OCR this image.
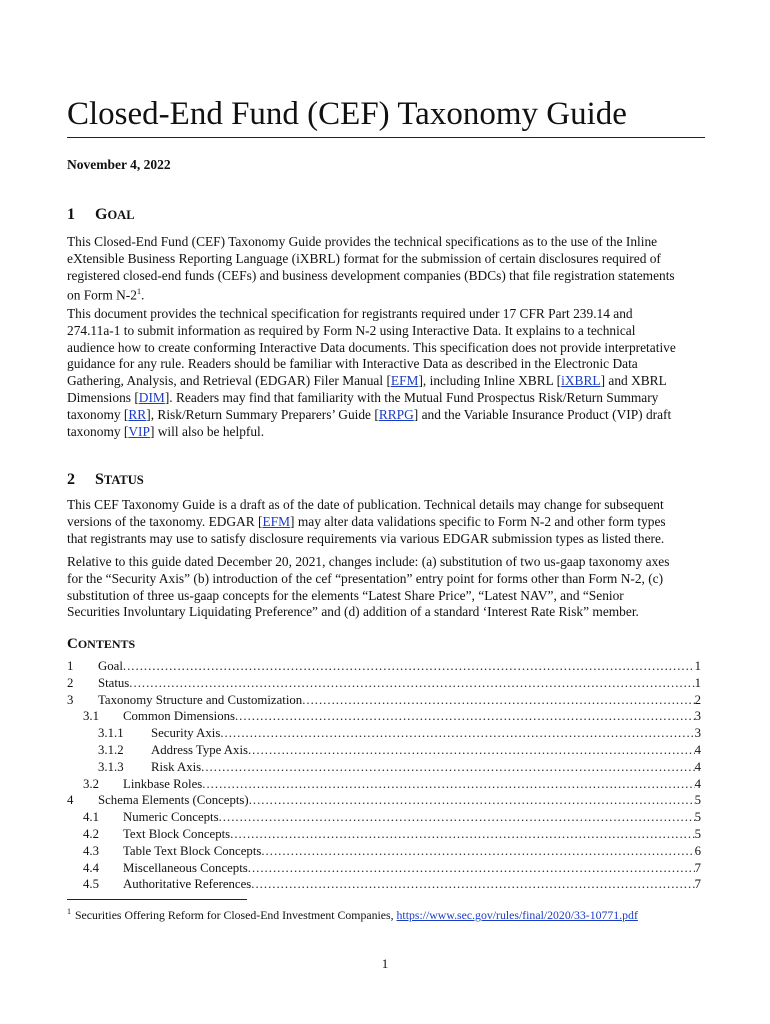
Closed-End Fund (CEF) Taxonomy Guide
November 4, 2022
1 GOAL
This Closed-End Fund (CEF) Taxonomy Guide provides the technical specifications as to the use of the Inline
eXtensible Business Reporting Language (iXBRL) format for the submission of certain disclosures required of
registered closed-end funds (CEFs) and business development companies (BDCs) that file registration statements
on Form $N-2^1$.
This document provides the technical specification for registrants required under 17 CFR Part 239.14 and
274.11a-1 to submit information as required by Form N-2 using Interactive Data. It explains to a technical
audience how to create conforming Interactive Data documents. This specification does not provide interpretative
guidance for any rule. Readers should be familiar with Interactive Data as described in the Electronic Data
Gathering, Analysis, and Retrieval (EDGAR) Filer Manual [EFM], including Inline XBRL [iXBRL] and XBRL
Dimensions [DIM]. Readers may find that familiarity with the Mutual Fund Prospectus Risk/Return Summary
taxonomy [RR], Risk/Return Summary Preparers’ Guide [RRPG] and the Variable Insurance Product (VIP) draft
taxonomy [VIP] will also be helpful.
2 STATUS
This CEF Taxonomy Guide is a draft as of the date of publication. Technical details may change for subsequent
versions of the taxonomy. EDGAR [EFM] may alter data validations specific to Form N-2 and other form types
that registrants may use to satisfy disclosure requirements via various EDGAR submission types as listed there.
Relative to this guide dated December 20, 2021, changes include: (a) substitution of two us-gaap taxonomy axes
for the “Security Axis” (b) introduction of the cef “presentation” entry point for forms other than Form N-2, (c)
substitution of three us-gaap concepts for the elements “Latest Share Price”, “Latest NAV”, and “Senior
Securities Involuntary Liquidating Preference” and (d) addition of a standard ‘Interest Rate Risk” member.
CONTENTS
1	Goal .....	1
2	Status .....	1
3	Taxonomy Structure and Customization .....	2
3.1	Common Dimensions .....	3
3.1.1	Security Axis .....	3
3.1.2	Address Type Axis .....	4
3.1.3	Risk Axis .....	4
3.2	Linkbase Roles .....	4
4	Schema Elements (Concepts) .....	5
4.1	Numeric Concepts .....	5
4.2	Text Block Concepts .....	5
4.3	Table Text Block Concepts .....	6
4.4	Miscellaneous Concepts .....	7
4.5	Authoritative References .....	7
$^1$ Securities Offering Reform for Closed-End Investment Companies, https://www.sec.gov/rules/final/2020/33-10771.pdf
1
